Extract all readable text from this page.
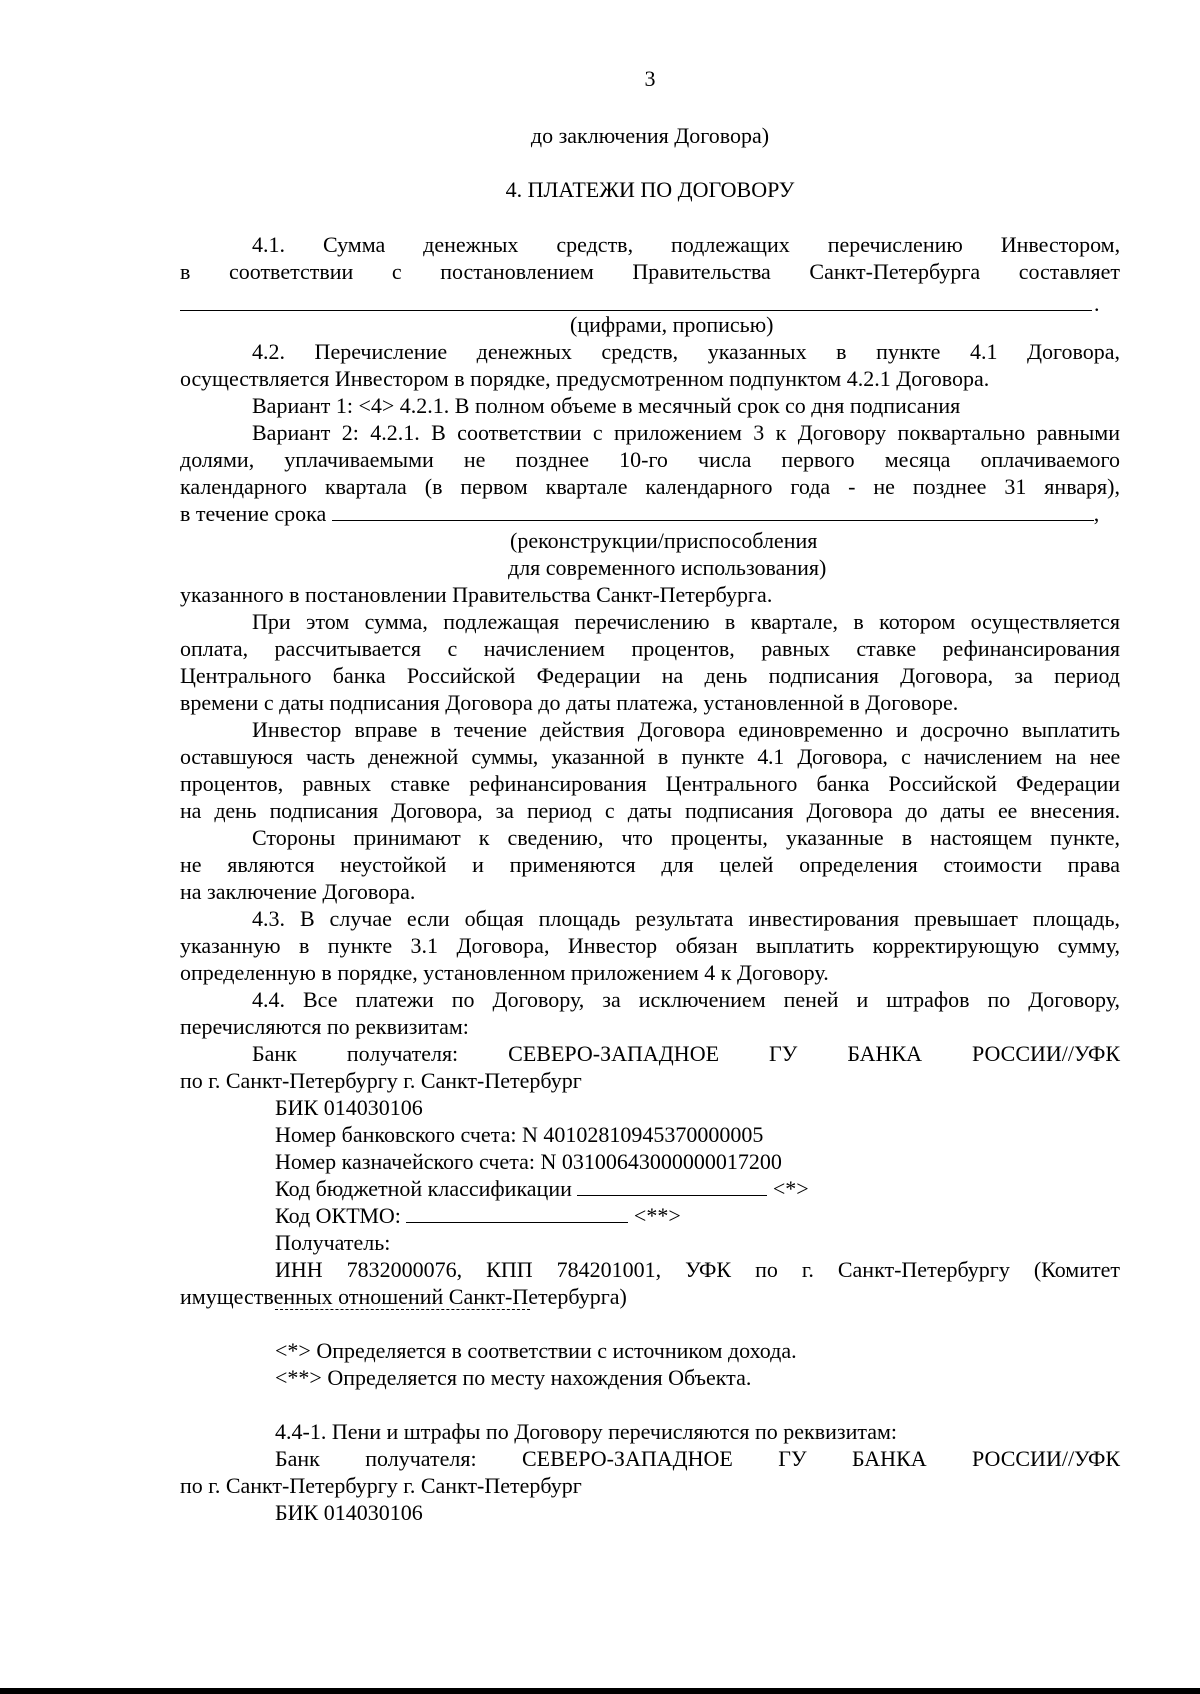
3
до заключения Договора)
4. ПЛАТЕЖИ ПО ДОГОВОРУ
4.1. Сумма денежных средств, подлежащих перечислению Инвестором,
в соответствии с постановлением Правительства Санкт-Петербурга составляет
.
(цифрами, прописью)
4.2. Перечисление денежных средств, указанных в пункте 4.1 Договора,
осуществляется Инвестором в порядке, предусмотренном подпунктом 4.2.1 Договора.
Вариант 1: <4> 4.2.1. В полном объеме в месячный срок со дня подписания
Вариант 2: 4.2.1. В соответствии с приложением 3 к Договору поквартально равными
долями, уплачиваемыми не позднее 10-го числа первого месяца оплачиваемого
календарного квартала (в первом квартале календарного года - не позднее 31 января),
в течение срока	,
(реконструкции/приспособления
для современного использования)
указанного в постановлении Правительства Санкт-Петербурга.
При этом сумма, подлежащая перечислению в квартале, в котором осуществляется
оплата, рассчитывается с начислением процентов, равных ставке рефинансирования
Центрального банка Российской Федерации на день подписания Договора, за период
времени с даты подписания Договора до даты платежа, установленной в Договоре.
Инвестор вправе в течение действия Договора единовременно и досрочно выплатить
оставшуюся часть денежной суммы, указанной в пункте 4.1 Договора, с начислением на нее
процентов, равных ставке рефинансирования Центрального банка Российской Федерации
на день подписания Договора, за период с даты подписания Договора до даты ее внесения.
Стороны принимают к сведению, что проценты, указанные в настоящем пункте,
не являются неустойкой и применяются для целей определения стоимости права
на заключение Договора.
4.3. В случае если общая площадь результата инвестирования превышает площадь,
указанную в пункте 3.1 Договора, Инвестор обязан выплатить корректирующую сумму,
определенную в порядке, установленном приложением 4 к Договору.
4.4. Все платежи по Договору, за исключением пеней и штрафов по Договору,
перечисляются по реквизитам:
Банк получателя: СЕВЕРО-ЗАПАДНОЕ ГУ БАНКА РОССИИ//УФК
по г. Санкт-Петербургу г. Санкт-Петербург
БИК 014030106
Номер банковского счета: N 40102810945370000005
Номер казначейского счета: N 03100643000000017200
Код бюджетной классификации	<*>
Код ОКТМО:	<**>
Получатель:
ИНН 7832000076, КПП 784201001, УФК по г. Санкт-Петербургу (Комитет
имущественных отношений Санкт-Петербурга)
<*> Определяется в соответствии с источником дохода.
<**> Определяется по месту нахождения Объекта.
4.4-1. Пени и штрафы по Договору перечисляются по реквизитам:
Банк получателя: СЕВЕРО-ЗАПАДНОЕ ГУ БАНКА РОССИИ//УФК
по г. Санкт-Петербургу г. Санкт-Петербург
БИК 014030106
